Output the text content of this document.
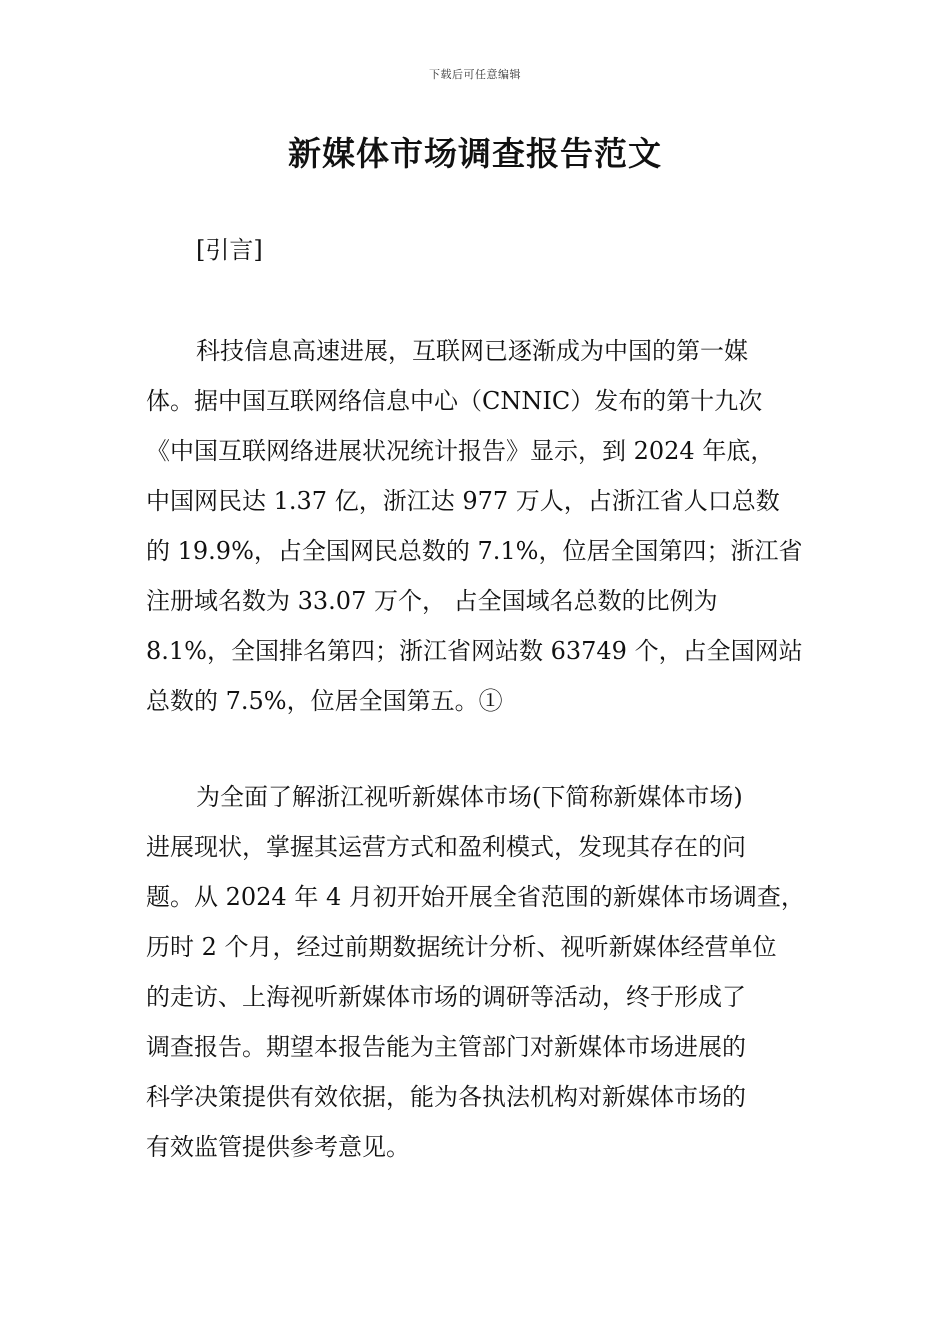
下载后可任意编辑
新媒体市场调查报告范文
[引言]
科技信息高速进展，互联网已逐渐成为中国的第一媒
体。据中国互联网络信息中心（CNNIC）发布的第十九次
《中国互联网络进展状况统计报告》显示，到 2024 年底，
中国网民达 1.37 亿，浙江达 977 万人，占浙江省人口总数
的 19.9%，占全国网民总数的 7.1%，位居全国第四；浙江省
注册域名数为 33.07 万个， 占全国域名总数的比例为
8.1%，全国排名第四；浙江省网站数 63749 个，占全国网站
总数的 7.5%，位居全国第五。①
为全面了解浙江视听新媒体市场(下简称新媒体市场)
进展现状，掌握其运营方式和盈利模式，发现其存在的问
题。从 2024 年 4 月初开始开展全省范围的新媒体市场调查，
历时 2 个月，经过前期数据统计分析、视听新媒体经营单位
的走访、上海视听新媒体市场的调研等活动，终于形成了
调查报告。期望本报告能为主管部门对新媒体市场进展的
科学决策提供有效依据，能为各执法机构对新媒体市场的
有效监管提供参考意见。
